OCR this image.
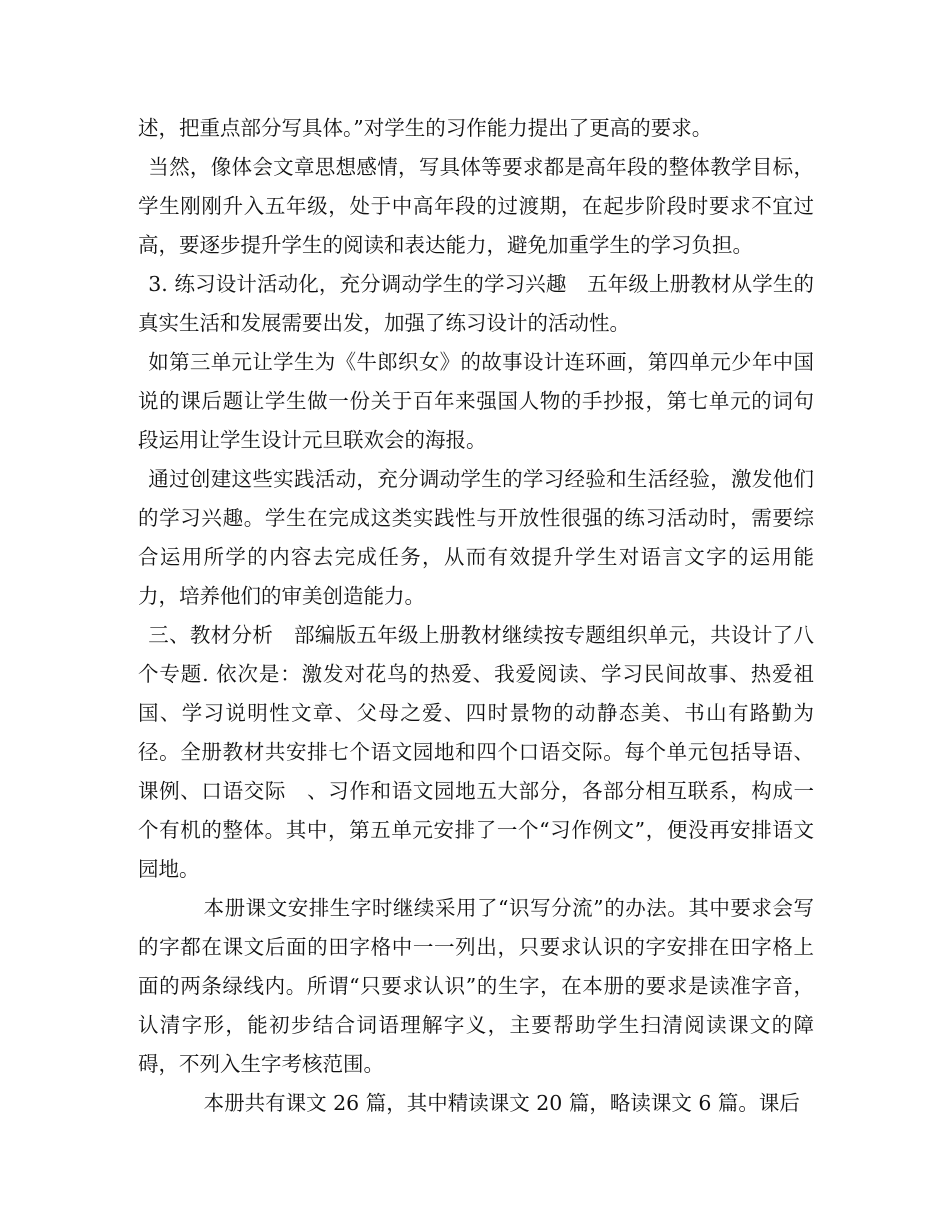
述，把重点部分写具体。”对学生的习作能力提出了更高的要求。

当然，像体会文章思想感情，写具体等要求都是高年段的整体教学目标，学生刚刚升入五年级，处于中高年段的过渡期，在起步阶段时要求不宜过高，要逐步提升学生的阅读和表达能力，避免加重学生的学习负担。

3. 练习设计活动化，充分调动学生的学习兴趣　五年级上册教材从学生的真实生活和发展需要出发，加强了练习设计的活动性。

如第三单元让学生为《牛郎织女》的故事设计连环画，第四单元少年中国说的课后题让学生做一份关于百年来强国人物的手抄报，第七单元的词句段运用让学生设计元旦联欢会的海报。

通过创建这些实践活动，充分调动学生的学习经验和生活经验，激发他们的学习兴趣。学生在完成这类实践性与开放性很强的练习活动时，需要综合运用所学的内容去完成任务，从而有效提升学生对语言文字的运用能力，培养他们的审美创造能力。

三、教材分析　部编版五年级上册教材继续按专题组织单元，共设计了八个专题. 依次是：激发对花鸟的热爱、我爱阅读、学习民间故事、热爱祖国、学习说明性文章、父母之爱、四时景物的动静态美、书山有路勤为径。全册教材共安排七个语文园地和四个口语交际。每个单元包括导语、课例、口语交际　、习作和语文园地五大部分，各部分相互联系，构成一个有机的整体。其中，第五单元安排了一个“习作例文”，便没再安排语文园地。

本册课文安排生字时继续采用了“识写分流”的办法。其中要求会写的字都在课文后面的田字格中一一列出，只要求认识的字安排在田字格上面的两条绿线内。所谓“只要求认识”的生字，在本册的要求是读准字音，认清字形，能初步结合词语理解字义，主要帮助学生扫清阅读课文的障碍，不列入生字考核范围。

本册共有课文 26 篇，其中精读课文 20 篇，略读课文 6 篇。课后
